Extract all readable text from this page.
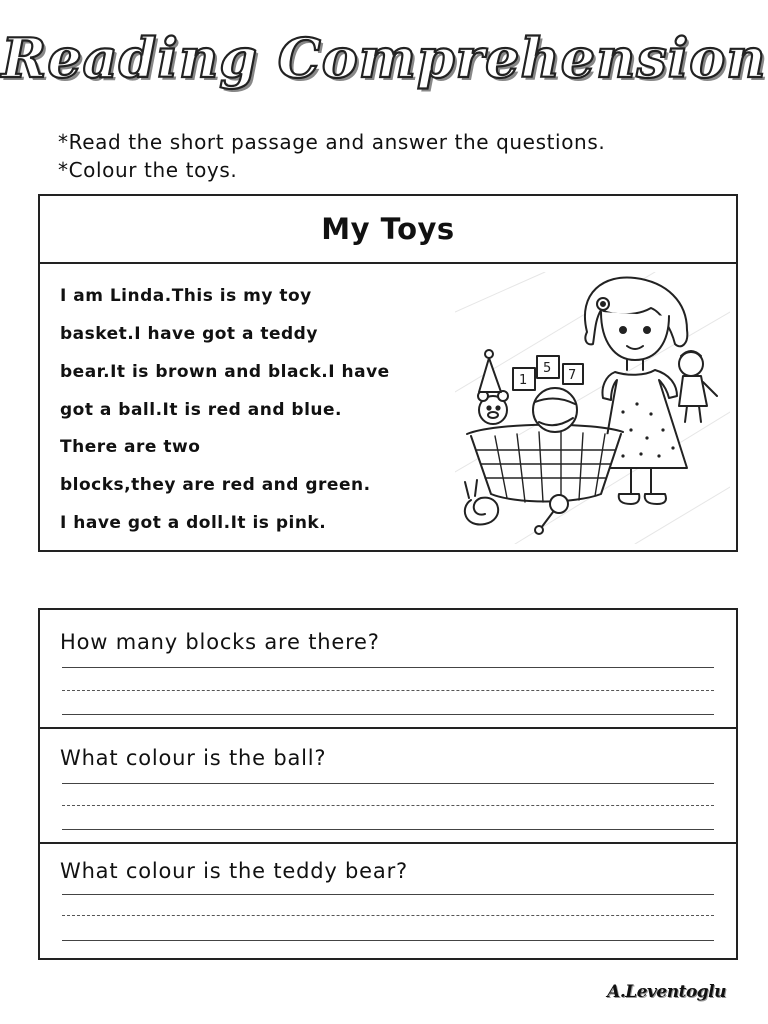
Reading Comprehension
*Read the short passage and answer the questions.
*Colour the toys.
My Toys
I am Linda.This is my toy
basket.I have got a teddy
bear.It is brown and black.I have
got a ball.It is red and blue.
There are two
blocks,they are red and green.
I have got a doll.It is pink.
1
5 7
How many blocks are there?
What colour is the ball?
What colour is the teddy bear?
A.Leventoglu
